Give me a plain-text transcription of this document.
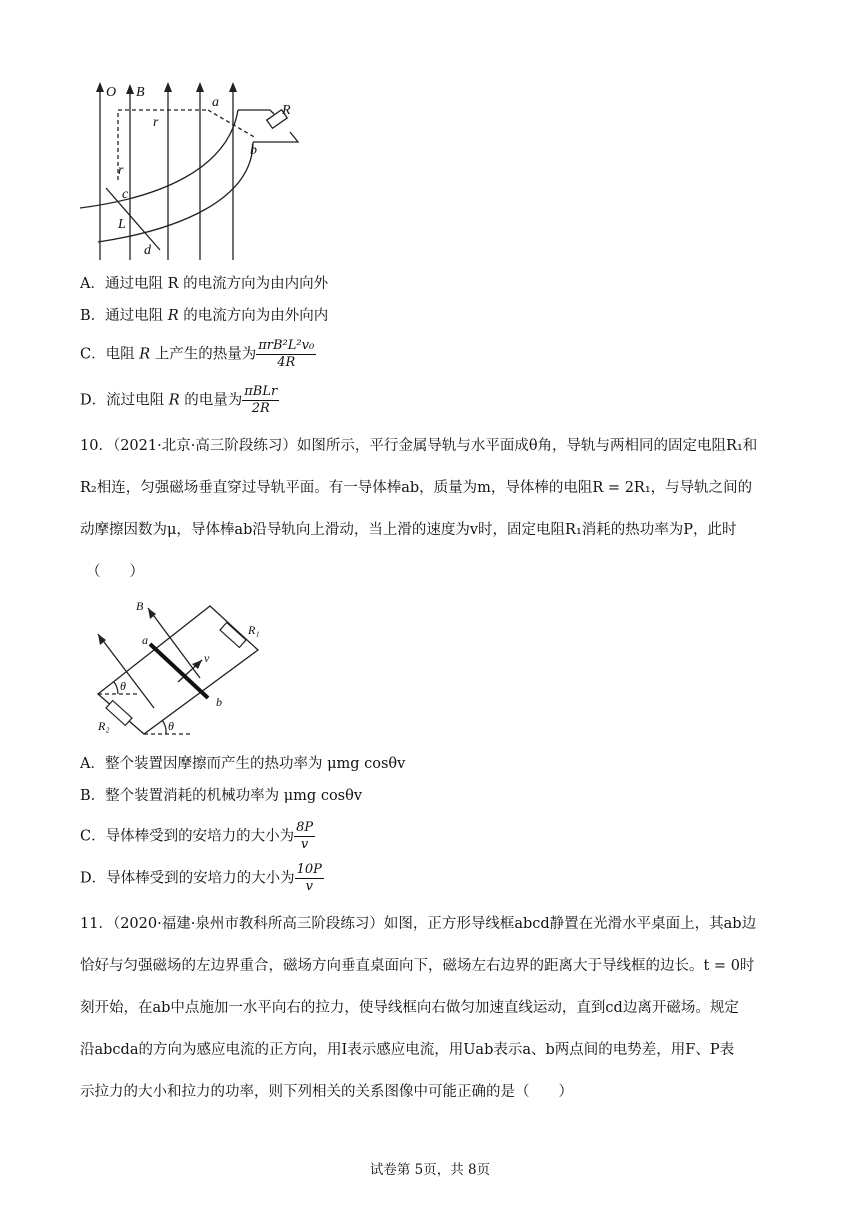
O B
a
R
r
b
r
c
L
d
A．通过电阻 R 的电流方向为由内向外
B．通过电阻 R 的电流方向为由外向内
C．电阻 R 上产生的热量为 $\frac{\text{πrB²L²v₀}}{4R}$
D．流过电阻 R 的电量为 $\frac{\text{πBLr}}{2R}$
10．（2021·北京·高三阶段练习）如图所示，平行金属导轨与水平面成θ角，导轨与两相同的固定电阻R₁和
R₂相连，匀强磁场垂直穿过导轨平面。有一导体棒ab，质量为m，导体棒的电阻R = 2R₁，与导轨之间的
动摩擦因数为μ，导体棒ab沿导轨向上滑动，当上滑的速度为v时，固定电阻R₁消耗的热功率为P，此时
（　　）
B
a
v
R₁
θ
b
R₂	θ
A．整个装置因摩擦而产生的热功率为 μmg cosθv
B．整个装置消耗的机械功率为 μmg cosθv
C．导体棒受到的安培力的大小为 $\frac{8P}{v}$
D．导体棒受到的安培力的大小为 $\frac{10P}{v}$
11．（2020·福建·泉州市教科所高三阶段练习）如图，正方形导线框abcd静置在光滑水平桌面上，其ab边
恰好与匀强磁场的左边界重合，磁场方向垂直桌面向下，磁场左右边界的距离大于导线框的边长。t = 0时
刻开始，在ab中点施加一水平向右的拉力，使导线框向右做匀加速直线运动，直到cd边离开磁场。规定
沿abcda的方向为感应电流的正方向，用I表示感应电流，用Uab表示a、b两点间的电势差，用F、P表
示拉力的大小和拉力的功率，则下列相关的关系图像中可能正确的是（　　）
试卷第 5页，共 8页
